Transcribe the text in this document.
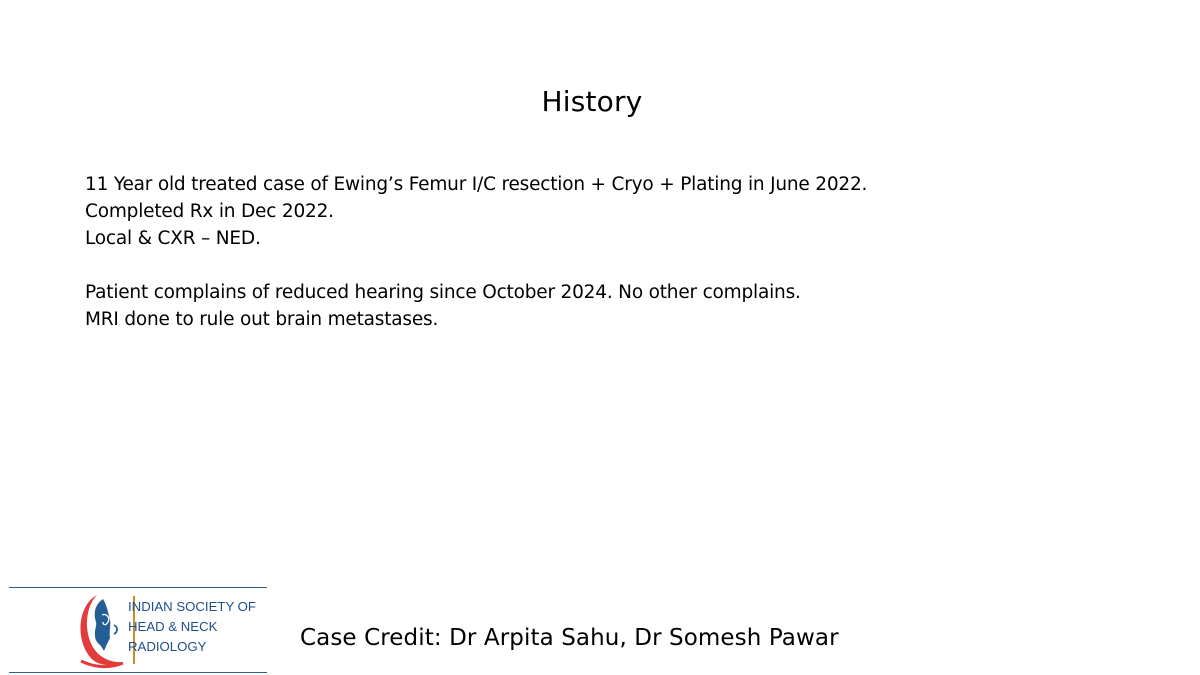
History

11 Year old treated case of Ewing’s Femur I/C resection + Cryo + Plating in June 2022.

Completed Rx in Dec 2022.

Local & CXR – NED.

Patient complains of reduced hearing since October 2024. No other complains.

MRI done to rule out brain metastases.

INDIAN SOCIETY OF
HEAD & NECK
RADIOLOGY	Case Credit: Dr Arpita Sahu, Dr Somesh Pawar
